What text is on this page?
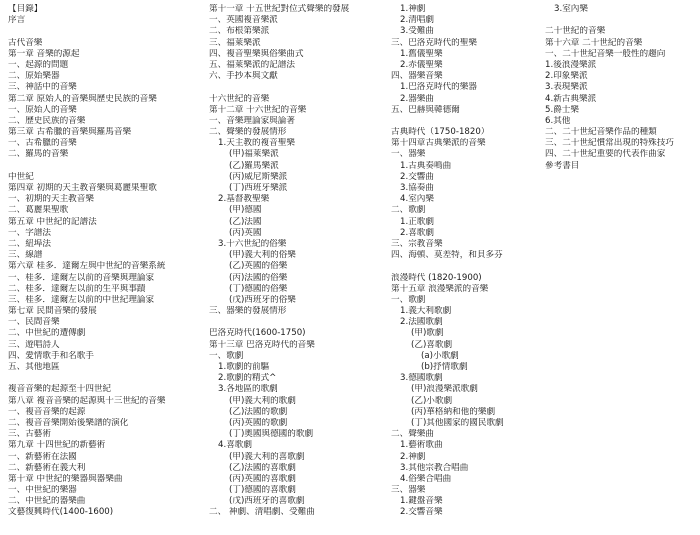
【目錄】
序言
古代音樂
第一章 音樂的源起
一、起源的問題
二、原始樂器
三、神話中的音樂
第二章 原始人的音樂與歷史民族的音樂
一、原始人的音樂
二、歷史民族的音樂
第三章 古希臘的音樂與羅馬音樂
一、古希臘的音樂
二、羅馬的音樂
中世紀
第四章 初期的天主教音樂與葛麗果聖歌
一、初期的天主教音樂
二、葛麗果聖歌
第五章 中世紀的記譜法
一、字譜法
二、紐埠法
三、線譜
第六章 桂多．達爾左與中世紀的音樂系統
一、桂多．達爾左以前的音樂與理論家
二、桂多．達爾左以前的生平與事蹟
三、桂多．達爾左以前的中世紀理論家
第七章 民間音樂的發展
一、民間音樂
二、中世紀的遭傳劇
三、遊唱詩人
四、愛情歌手和名歌手
五、其他地區
複音音樂的起源至十四世紀
第八章 複音音樂的起源與十三世紀的音樂
一、複音音樂的起源
二、複音音樂開始後樂譜的演化
三、古藝術
第九章 十四世紀的新藝術
一、新藝術在法國
二、新藝術在義大利
第十章 中世紀的樂器與器樂曲
一、中世紀的樂器
二、中世紀的器樂曲
文藝復興時代(1400-1600)
第十一章 十五世紀對位式聲樂的發展
一、英國複音樂派
二、布根第樂派
三、福萊樂派
四、複音聖樂與俗樂曲式
五、福萊樂派的記譜法
六、手抄本與文獻
十六世紀的音樂
第十二章 十六世紀的音樂
一、音樂理論家與論著
二、聲樂的發展情形
1.天主教的複音聖樂
(甲)福萊樂派
(乙)羅馬樂派
(丙)威尼斯樂派
(丁)西班牙樂派
2.基督教聖樂
(甲)德國
(乙)法國
(丙)英國
3.十六世紀的俗樂
(甲)義大利的俗樂
(乙)英國的俗樂
(丙)法國的俗樂
(丁)德國的俗樂
(戊)西班牙的俗樂
三、器樂的發展情形
巴洛克時代(1600-1750)
第十三章 巴洛克時代的音樂
一、歌劇
1.歌劇的前驅
2.歌劇的精式^
3.各地區的歌劇
(甲)義大利的歌劇
(乙)法國的歌劇
(丙)英國的歌劇
(丁)奧國與德國的歌劇
4.喜歌劇
(甲)義大利的喜歌劇
(乙)法國的喜歌劇
(丙)英國的喜歌劇
(丁)德國的喜歌劇
(戊)西班牙的喜歌劇
二、 神劇、清唱劇、受難曲
1.神劇
2.清唱劇
3.受難曲
三、巴洛克時代的聖樂
1.舊儀聖樂
2.赤儀聖樂
四、器樂音樂
1.巴洛克時代的樂器
2.器樂曲
五、巴赫與韓德爾
古典時代（1750-1820）
第十四章古典樂派的音樂
一、器樂
1.古典奏鳴曲
2.交響曲
3.協奏曲
4.室內樂
二、歌劇
1.正歌劇
2.喜歌劇
三、宗教音樂
四、海頓、莫差特，和貝多芬
浪漫時代 (1820-1900)
第十五章 浪漫樂派的音樂
一、歌劇
1.義大利歌劇
2.法國歌劇
(甲)歌劇
(乙)喜歌劇
(a)小歌劇
(b)抒情歌劇
3.德國歌劇
(甲)浪漫樂派歌劇
(乙)小歌劇
(丙)華格納和他的樂劇
(丁)其他國家的國民歌劇
二、聲樂曲
1.藝術歌曲
2.神劇
3.其他宗教合唱曲
4.俗樂合唱曲
三、器樂
1.鍵盤音樂
2.交響音樂
3.室內樂
二十世紀的音樂
第十六章 二十世紀的音樂
一、二十世紀音樂一般性的趨向
1.後浪漫樂派
2.印象樂派
3.表現樂派
4.新古典樂派
5.爵士樂
6.其他
二、二十世紀音樂作品的種類
三、二十世紀慣常出現的特殊技巧
四、二十世紀重要的代表作曲家
參考書目
